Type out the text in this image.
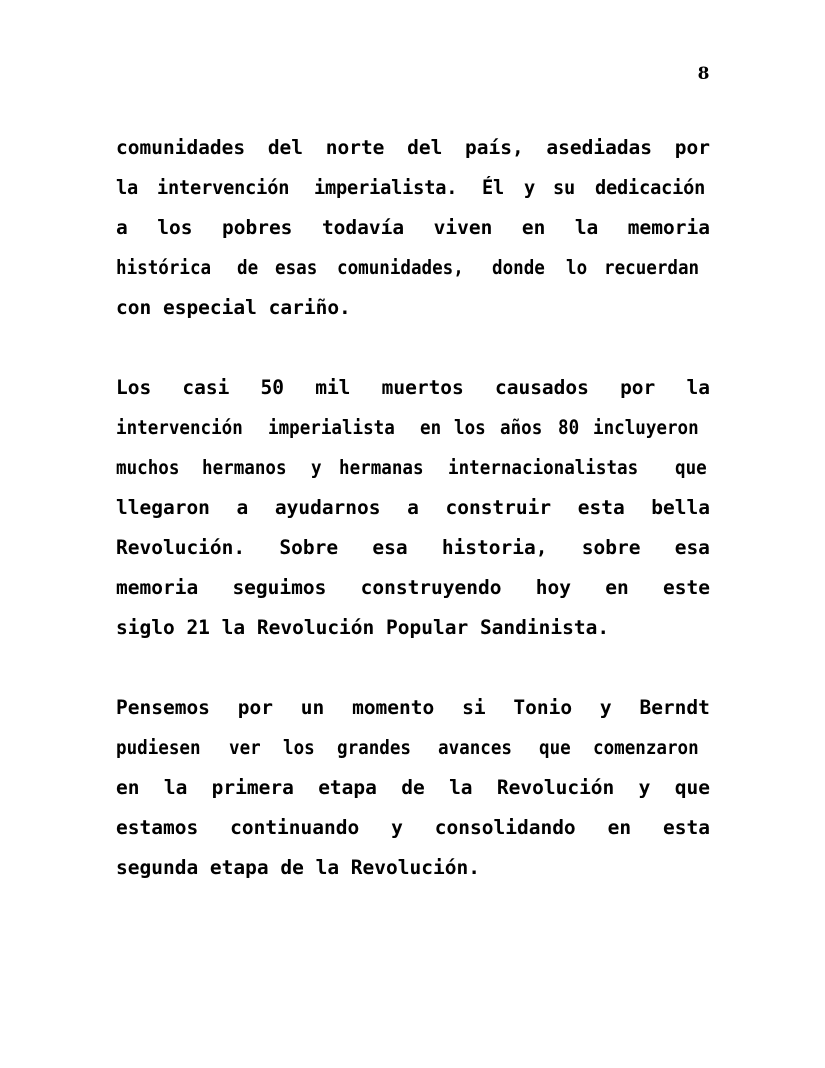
8

comunidades del norte del país, asediadas por
la intervención imperialista. Él y su dedicación
a los pobres todavía viven en la memoria
histórica de esas comunidades, donde lo recuerdan
con especial cariño.

Los casi 50 mil muertos causados por la
intervención imperialista en los años 80 incluyeron
muchos hermanos y hermanas internacionalistas que
llegaron a ayudarnos a construir esta bella
Revolución. Sobre esa historia, sobre esa
memoria seguimos construyendo hoy en este
siglo 21 la Revolución Popular Sandinista.

Pensemos por un momento si Tonio y Berndt
pudiesen ver los grandes avances que comenzaron
en la primera etapa de la Revolución y que
estamos continuando y consolidando en esta
segunda etapa de la Revolución.
